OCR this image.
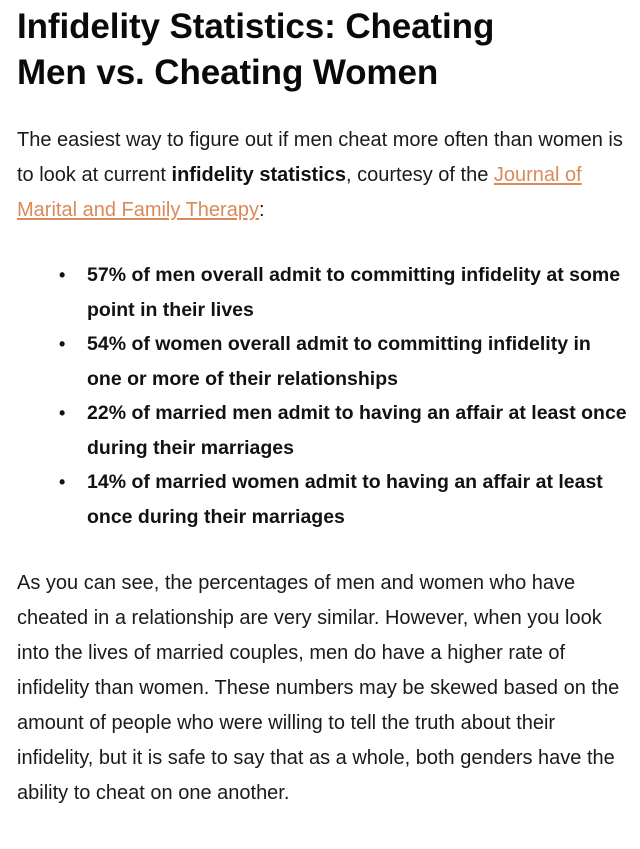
Infidelity Statistics: Cheating
Men vs. Cheating Women

The easiest way to figure out if men cheat more often than women is to look at current infidelity statistics, courtesy of the Journal of Marital and Family Therapy:

• 57% of men overall admit to committing infidelity at some point in their lives
• 54% of women overall admit to committing infidelity in one or more of their relationships
• 22% of married men admit to having an affair at least once during their marriages
• 14% of married women admit to having an affair at least once during their marriages

As you can see, the percentages of men and women who have cheated in a relationship are very similar. However, when you look into the lives of married couples, men do have a higher rate of infidelity than women. These numbers may be skewed based on the amount of people who were willing to tell the truth about their infidelity, but it is safe to say that as a whole, both genders have the ability to cheat on one another.
